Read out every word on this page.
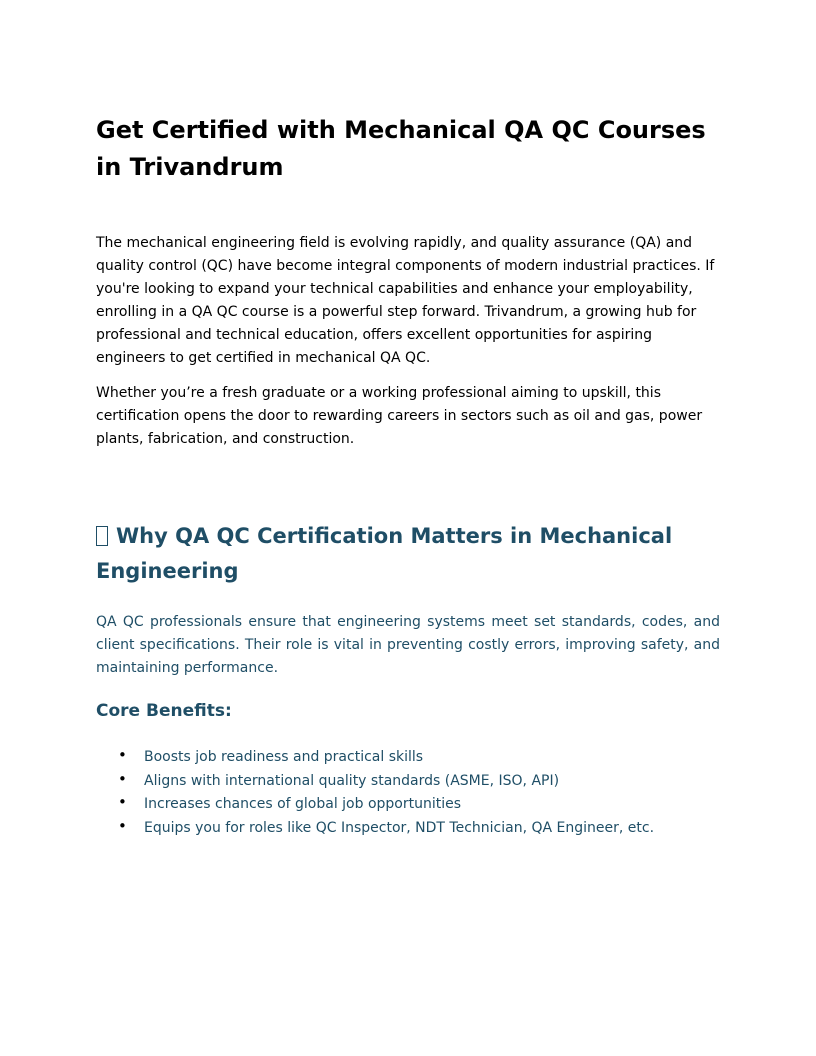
Get Certified with Mechanical QA QC Courses
in Trivandrum

The mechanical engineering field is evolving rapidly, and quality assurance (QA) and quality control (QC) have become integral components of modern industrial practices. If you're looking to expand your technical capabilities and enhance your employability, enrolling in a QA QC course is a powerful step forward. Trivandrum, a growing hub for professional and technical education, offers excellent opportunities for aspiring engineers to get certified in mechanical QA QC.

Whether you’re a fresh graduate or a working professional aiming to upskill, this certification opens the door to rewarding careers in sectors such as oil and gas, power plants, fabrication, and construction.

Why QA QC Certification Matters in Mechanical Engineering

QA QC professionals ensure that engineering systems meet set standards, codes, and client specifications. Their role is vital in preventing costly errors, improving safety, and maintaining performance.

Core Benefits:
• Boosts job readiness and practical skills
• Aligns with international quality standards (ASME, ISO, API)
• Increases chances of global job opportunities
• Equips you for roles like QC Inspector, NDT Technician, QA Engineer, etc.
